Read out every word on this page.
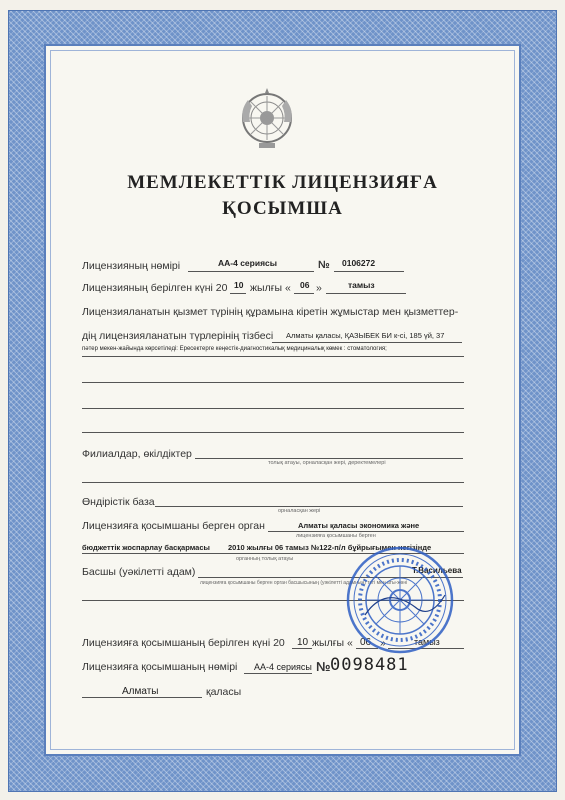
МЕМЛЕКЕТТІК ЛИЦЕНЗИЯҒА
ҚОСЫМША
Лицензияның нөмірі	АА-4 сериясы	№ 0106272
Лицензияның берілген күні 20 10 жылғы « 06 »	тамыз
Лицензияланатын қызмет түрінің құрамына кіретін жұмыстар мен қызметтер-
дің лицензияланатын түрлерінің тізбесі Алматы қаласы, ҚАЗЫБЕК БИ к-сі, 185 үй, 37
пәтер мекен-жайында көрсетіледі: Ересектерге кеңестік-диагностикалық медициналық көмек : стоматология;
Филиалдар, өкілдіктер
толық атауы, орналасқан жері, деректемелері
Өндірістік база
орналасқан жері
Лицензияға қосымшаны берген орган	Алматы қаласы экономика және
лицензияға қосымшаны берген
бюджеттік жоспарлау басқармасы 2010 жылғы 06 тамыз №122-п/л бұйрығымен негізінде
органның толық атауы
Басшы (уәкілетті адам)	Т.Васильева
лицензияға қосымшаны берген орган басшысының (уәкілетті адамның) тегі мен аты-жөні
Лицензияға қосымшаның берілген күні 20 10 жылғы « 06 »	тамыз
Лицензияға қосымшаның нөмірі АА-4 сериясы № 0098481
Алматы	қаласы
